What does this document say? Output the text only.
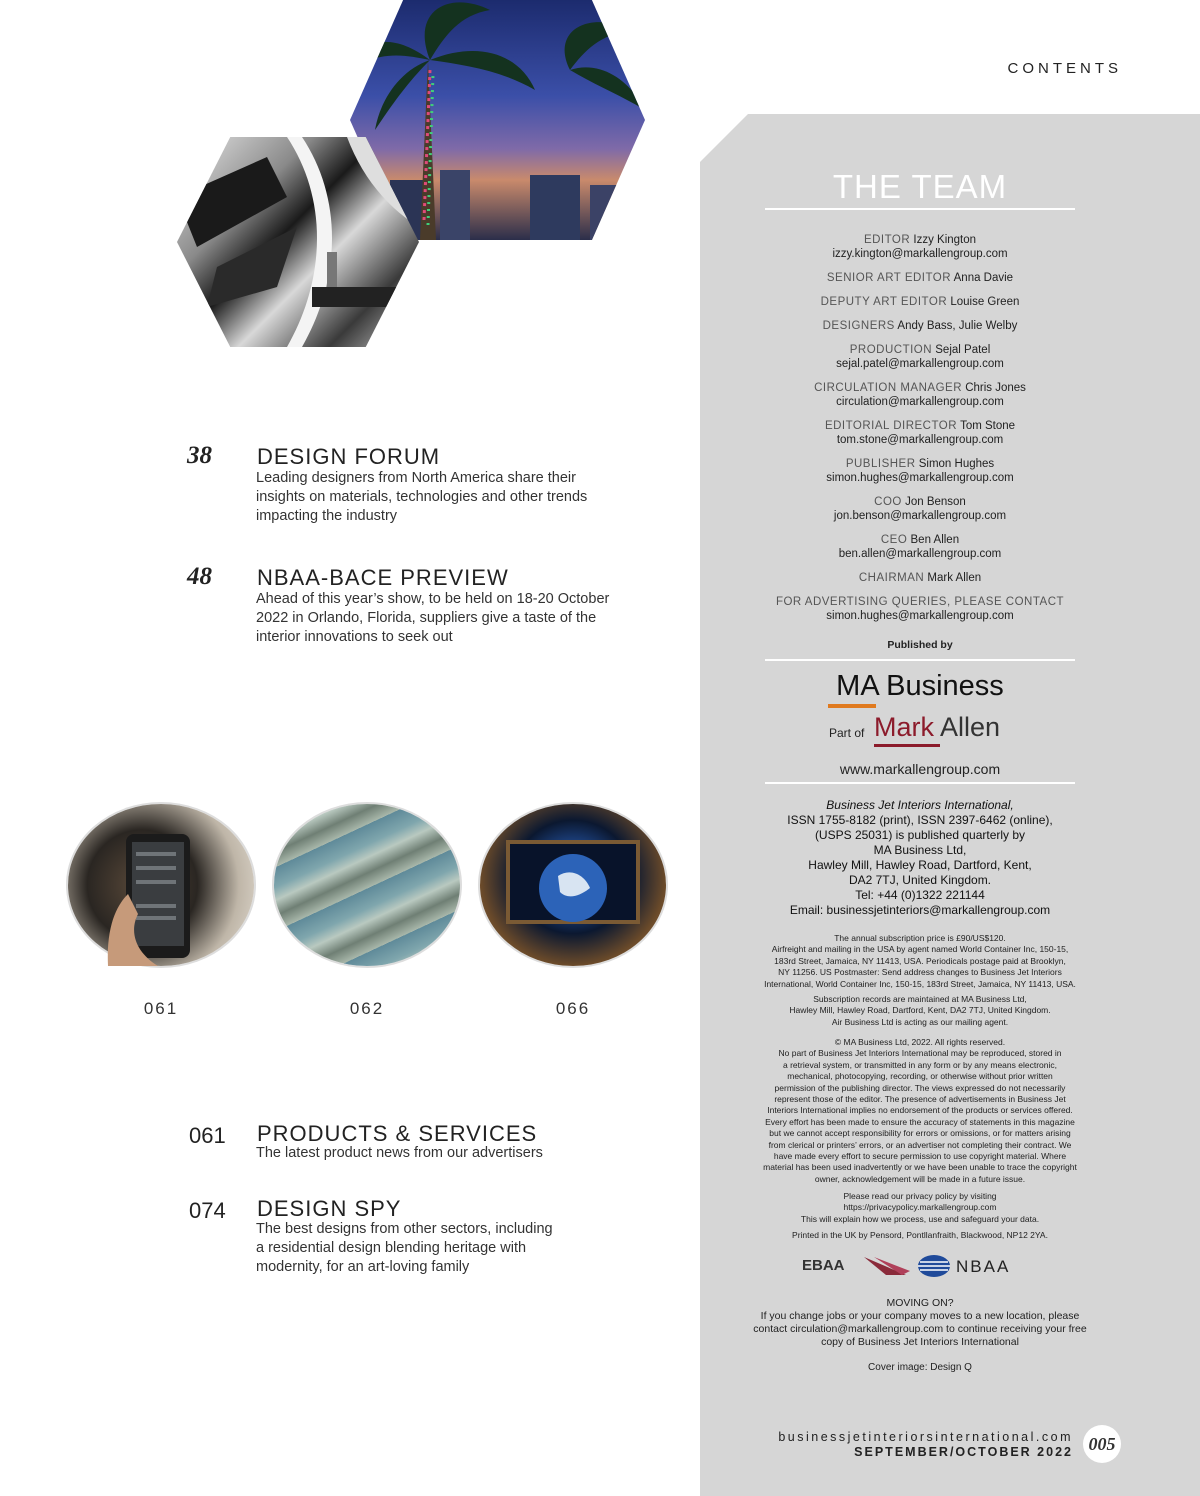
CONTENTS
38 DESIGN FORUM
Leading designers from North America share their
insights on materials, technologies and other trends
impacting the industry
48 NBAA-BACE PREVIEW
Ahead of this year’s show, to be held on 18-20 October
2022 in Orlando, Florida, suppliers give a taste of the
interior innovations to seek out
061	062	066
061 PRODUCTS & SERVICES
The latest product news from our advertisers
074 DESIGN SPY
The best designs from other sectors, including
a residential design blending heritage with
modernity, for an art-loving family
THE TEAM
EDITOR Izzy Kington
izzy.kington@markallengroup.com
SENIOR ART EDITOR Anna Davie
DEPUTY ART EDITOR Louise Green
DESIGNERS Andy Bass, Julie Welby
PRODUCTION Sejal Patel
sejal.patel@markallengroup.com
CIRCULATION MANAGER Chris Jones
circulation@markallengroup.com
EDITORIAL DIRECTOR Tom Stone
tom.stone@markallengroup.com
PUBLISHER Simon Hughes
simon.hughes@markallengroup.com
COO Jon Benson
jon.benson@markallengroup.com
CEO Ben Allen
ben.allen@markallengroup.com
CHAIRMAN Mark Allen
FOR ADVERTISING QUERIES, PLEASE CONTACT
simon.hughes@markallengroup.com
Published by
MA Business
Part of Mark Allen
www.markallengroup.com
Business Jet Interiors International,
ISSN 1755-8182 (print), ISSN 2397-6462 (online),
(USPS 25031) is published quarterly by
MA Business Ltd,
Hawley Mill, Hawley Road, Dartford, Kent,
DA2 7TJ, United Kingdom.
Tel: +44 (0)1322 221144
Email: businessjetinteriors@markallengroup.com
The annual subscription price is £90/US$120.
Airfreight and mailing in the USA by agent named World Container Inc, 150-15,
183rd Street, Jamaica, NY 11413, USA. Periodicals postage paid at Brooklyn,
NY 11256. US Postmaster: Send address changes to Business Jet Interiors
International, World Container Inc, 150-15, 183rd Street, Jamaica, NY 11413, USA.
Subscription records are maintained at MA Business Ltd,
Hawley Mill, Hawley Road, Dartford, Kent, DA2 7TJ, United Kingdom.
Air Business Ltd is acting as our mailing agent.
© MA Business Ltd, 2022. All rights reserved.
No part of Business Jet Interiors International may be reproduced, stored in
a retrieval system, or transmitted in any form or by any means electronic,
mechanical, photocopying, recording, or otherwise without prior written
permission of the publishing director. The views expressed do not necessarily
represent those of the editor. The presence of advertisements in Business Jet
Interiors International implies no endorsement of the products or services offered.
Every effort has been made to ensure the accuracy of statements in this magazine
but we cannot accept responsibility for errors or omissions, or for matters arising
from clerical or printers’ errors, or an advertiser not completing their contract. We
have made every effort to secure permission to use copyright material. Where
material has been used inadvertently or we have been unable to trace the copyright
owner, acknowledgement will be made in a future issue.
Please read our privacy policy by visiting
https://privacypolicy.markallengroup.com
This will explain how we process, use and safeguard your data.
Printed in the UK by Pensord, Pontllanfraith, Blackwood, NP12 2YA.
EBAA	NBAA
MOVING ON?
If you change jobs or your company moves to a new location, please
contact circulation@markallengroup.com to continue receiving your free
copy of Business Jet Interiors International
Cover image: Design Q
businessjetinteriorsinternational.com
SEPTEMBER/OCTOBER 2022 005
